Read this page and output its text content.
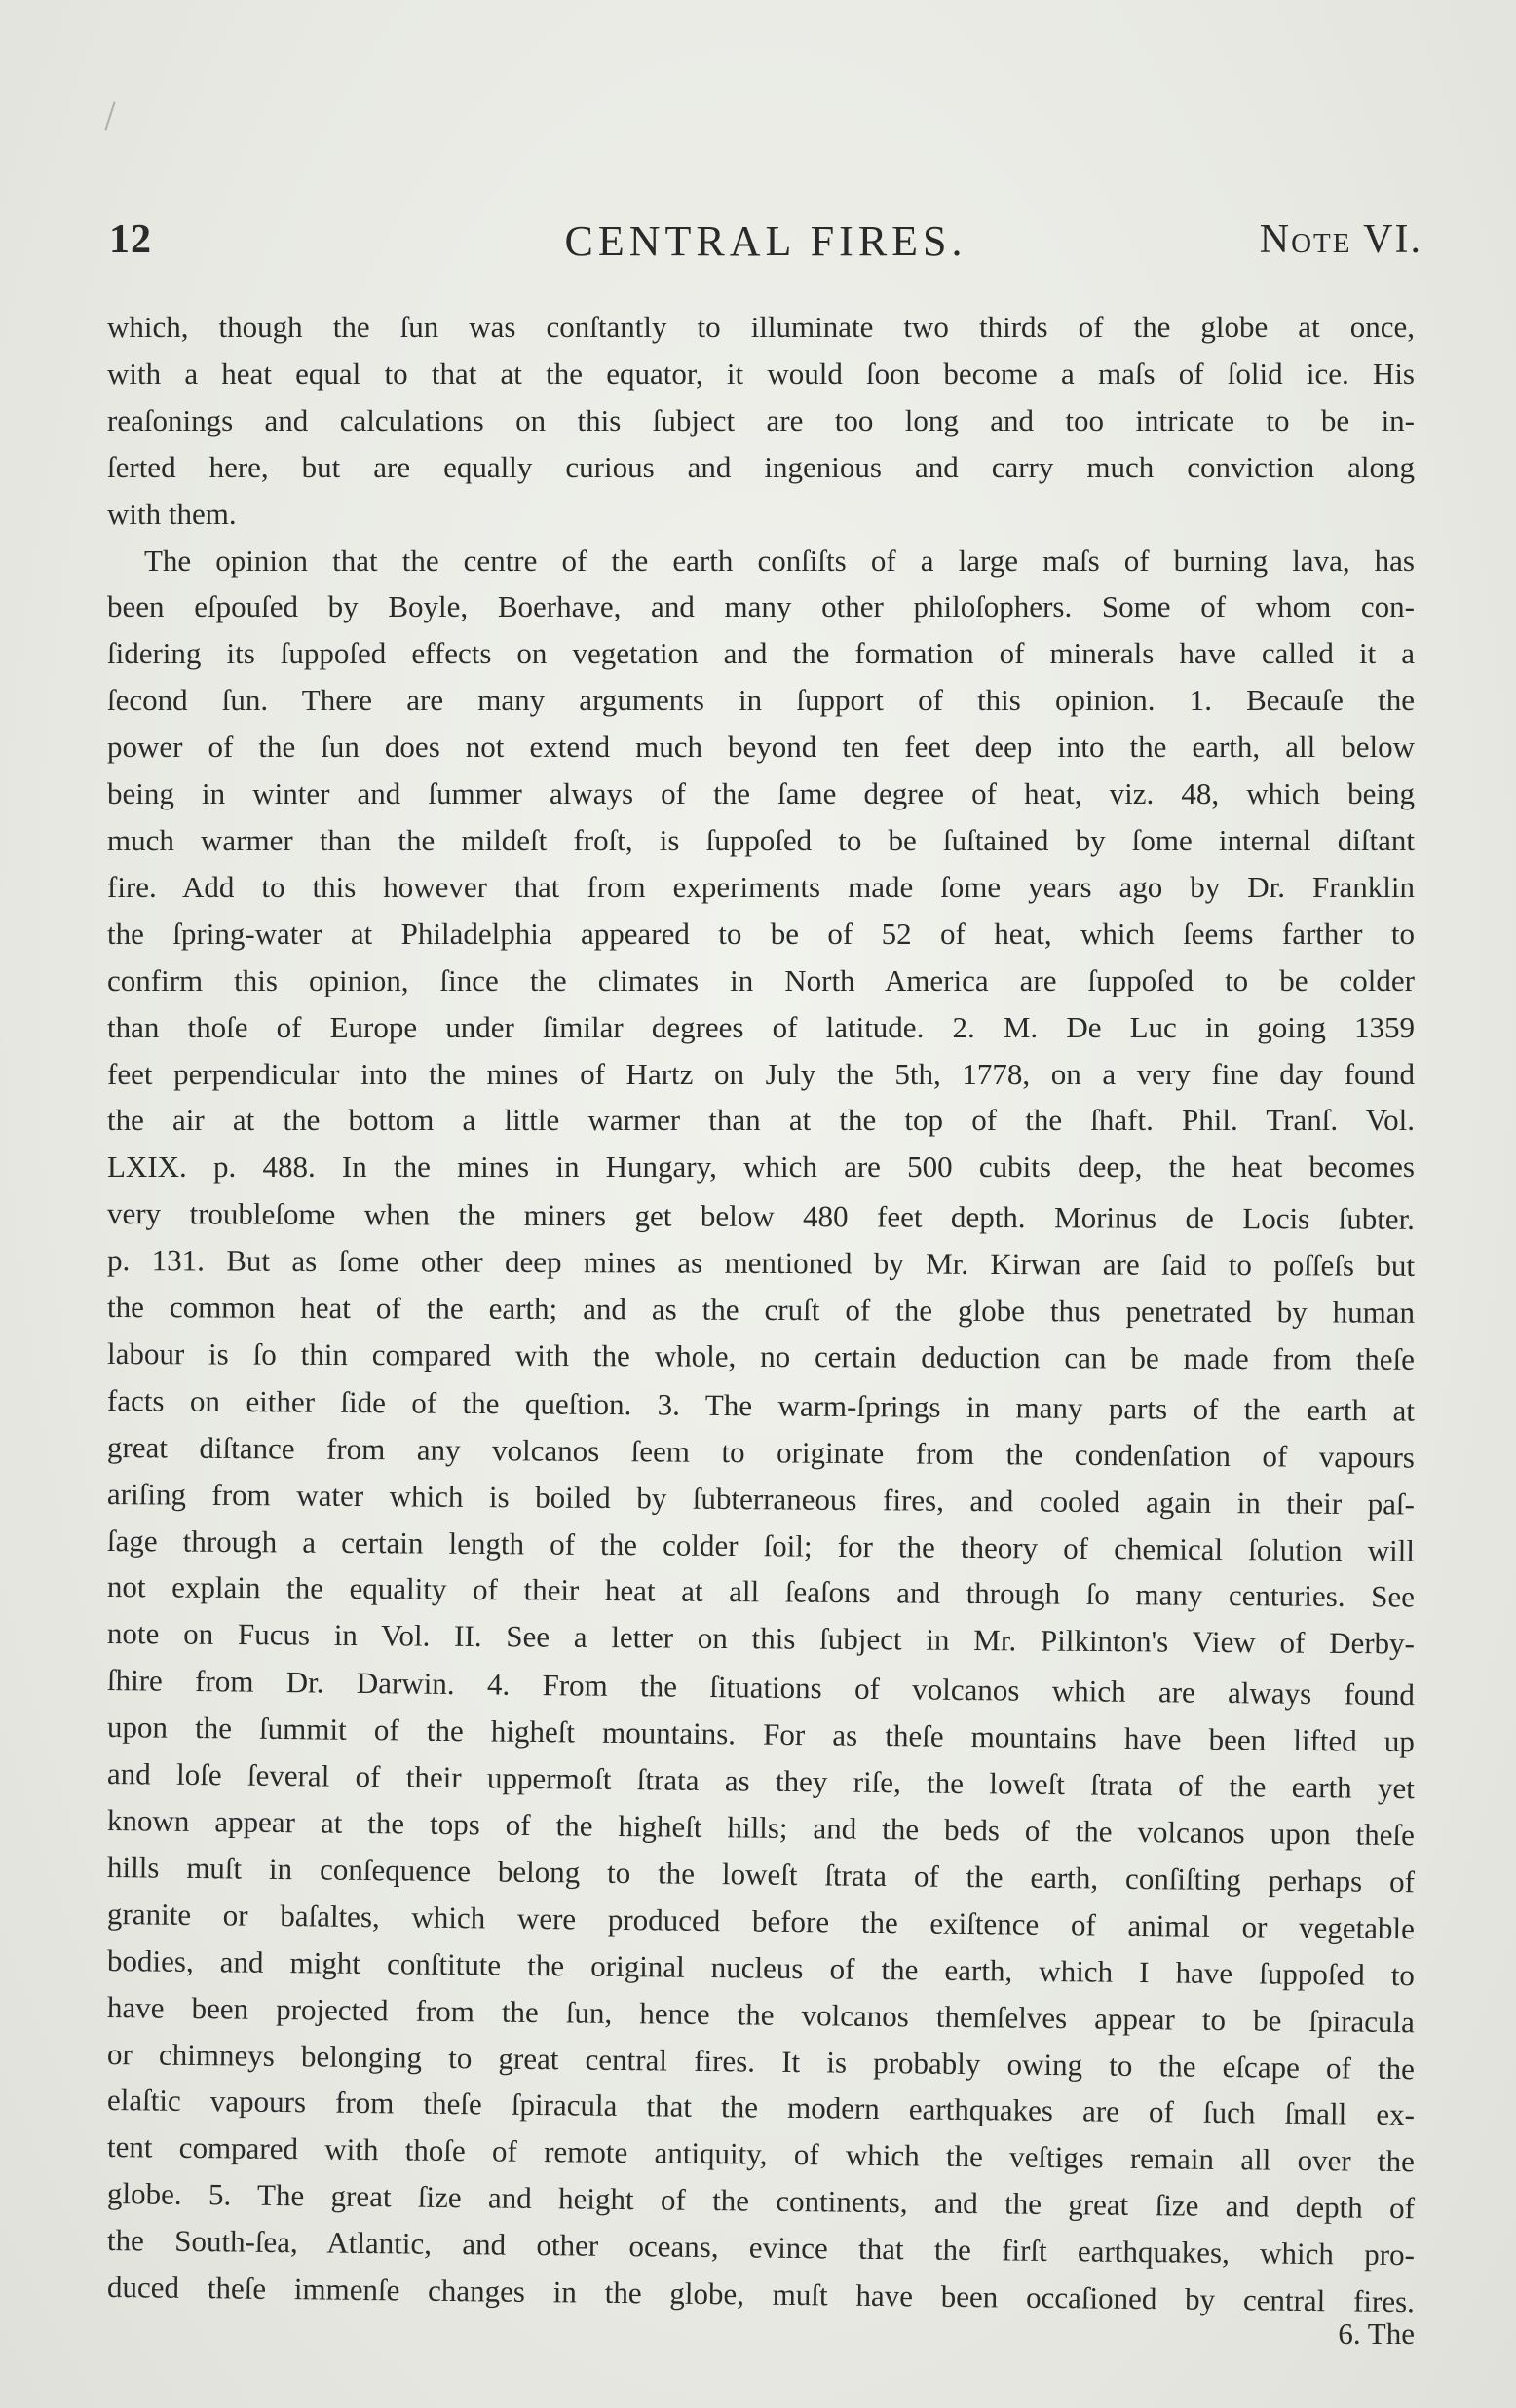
12	CENTRAL FIRES.	Note VI.
which, though the ſun was conſtantly to illuminate two thirds of the globe at once,
with a heat equal to that at the equator, it would ſoon become a maſs of ſolid ice. His
reaſonings and calculations on this ſubject are too long and too intricate to be in-
ſerted here, but are equally curious and ingenious and carry much conviction along
with them.
The opinion that the centre of the earth conſiſts of a large maſs of burning lava, has
been eſpouſed by Boyle, Boerhave, and many other philoſophers. Some of whom con-
ſidering its ſuppoſed effects on vegetation and the formation of minerals have called it a
ſecond ſun. There are many arguments in ſupport of this opinion. 1. Becauſe the
power of the ſun does not extend much beyond ten feet deep into the earth, all below
being in winter and ſummer always of the ſame degree of heat, viz. 48, which being
much warmer than the mildeſt froſt, is ſuppoſed to be ſuſtained by ſome internal diſtant
fire. Add to this however that from experiments made ſome years ago by Dr. Franklin
the ſpring-water at Philadelphia appeared to be of 52 of heat, which ſeems farther to
confirm this opinion, ſince the climates in North America are ſuppoſed to be colder
than thoſe of Europe under ſimilar degrees of latitude. 2. M. De Luc in going 1359
feet perpendicular into the mines of Hartz on July the 5th, 1778, on a very fine day found
the air at the bottom a little warmer than at the top of the ſhaft. Phil. Tranſ. Vol.
LXIX. p. 488. In the mines in Hungary, which are 500 cubits deep, the heat becomes
very troubleſome when the miners get below 480 feet depth. Morinus de Locis ſubter.
p. 131. But as ſome other deep mines as mentioned by Mr. Kirwan are ſaid to poſſeſs but
the common heat of the earth; and as the cruſt of the globe thus penetrated by human
labour is ſo thin compared with the whole, no certain deduction can be made from theſe
facts on either ſide of the queſtion. 3. The warm-ſprings in many parts of the earth at
great diſtance from any volcanos ſeem to originate from the condenſation of vapours
ariſing from water which is boiled by ſubterraneous fires, and cooled again in their paſ-
ſage through a certain length of the colder ſoil; for the theory of chemical ſolution will
not explain the equality of their heat at all ſeaſons and through ſo many centuries. See
note on Fucus in Vol. II. See a letter on this ſubject in Mr. Pilkinton's View of Derby-
ſhire from Dr. Darwin. 4. From the ſituations of volcanos which are always found
upon the ſummit of the higheſt mountains. For as theſe mountains have been lifted up
and loſe ſeveral of their uppermoſt ſtrata as they riſe, the loweſt ſtrata of the earth yet
known appear at the tops of the higheſt hills; and the beds of the volcanos upon theſe
hills muſt in conſequence belong to the loweſt ſtrata of the earth, conſiſting perhaps of
granite or baſaltes, which were produced before the exiſtence of animal or vegetable
bodies, and might conſtitute the original nucleus of the earth, which I have ſuppoſed to
have been projected from the ſun, hence the volcanos themſelves appear to be ſpiracula
or chimneys belonging to great central fires. It is probably owing to the eſcape of the
elaſtic vapours from theſe ſpiracula that the modern earthquakes are of ſuch ſmall ex-
tent compared with thoſe of remote antiquity, of which the veſtiges remain all over the
globe. 5. The great ſize and height of the continents, and the great ſize and depth of
the South-ſea, Atlantic, and other oceans, evince that the firſt earthquakes, which pro-
duced theſe immenſe changes in the globe, muſt have been occaſioned by central fires.
6. The
